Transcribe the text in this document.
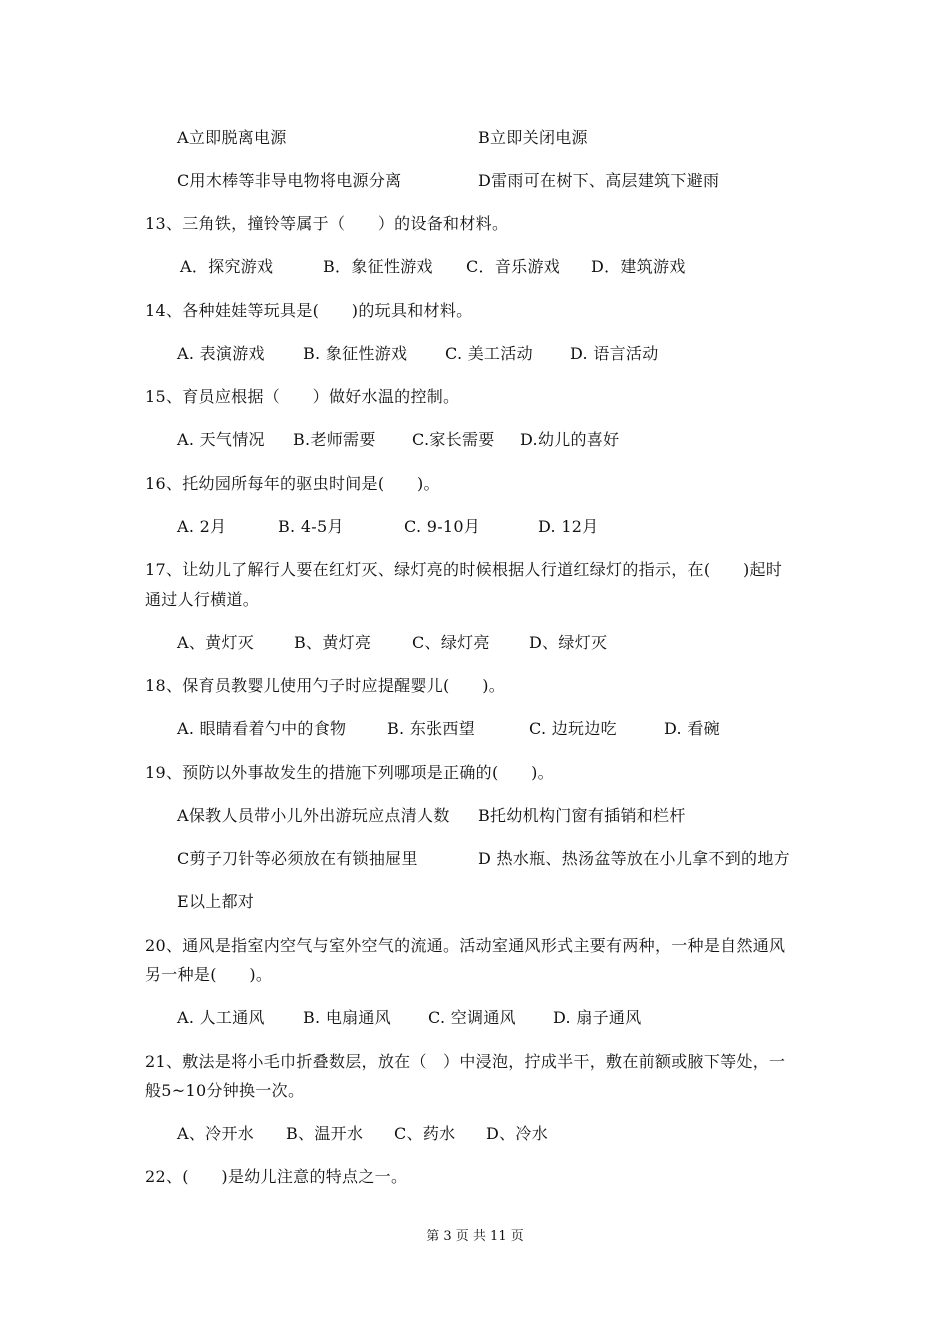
A立即脱离电源	B立即关闭电源
C用木棒等非导电物将电源分离	D雷雨可在树下、高层建筑下避雨
13、三角铁，撞铃等属于（　　）的设备和材料。
A．探究游戏	B．象征性游戏 C．音乐游戏 D．建筑游戏
14、各种娃娃等玩具是(　　)的玩具和材料。
A. 表演游戏 B. 象征性游戏 C. 美工活动 D. 语言活动
15、育员应根据（　　）做好水温的控制。
A. 天气情况 B.老师需要 C.家长需要 D.幼儿的喜好
16、托幼园所每年的驱虫时间是(　　)。
A. 2月	B. 4-5月	C. 9-10月	D. 12月
17、让幼儿了解行人要在红灯灭、绿灯亮的时候根据人行道红绿灯的指示，在(　　)起时
通过人行横道。
A、黄灯灭 B、黄灯亮	C、绿灯亮 D、绿灯灭
18、保育员教婴儿使用勺子时应提醒婴儿(　　)。
A. 眼睛看着勺中的食物	B. 东张西望	C. 边玩边吃	D. 看碗
19、预防以外事故发生的措施下列哪项是正确的(　　)。
A保教人员带小儿外出游玩应点清人数 B托幼机构门窗有插销和栏杆
C剪子刀针等必须放在有锁抽屉里	D 热水瓶、热汤盆等放在小儿拿不到的地方
E以上都对
20、通风是指室内空气与室外空气的流通。活动室通风形式主要有两种，一种是自然通风
另一种是(　　)。
A. 人工通风 B. 电扇通风 C. 空调通风 D. 扇子通风
21、敷法是将小毛巾折叠数层，放在（　）中浸泡，拧成半干，敷在前额或腋下等处，一
般5~10分钟换一次。
A、冷开水 B、温开水 C、药水 D、冷水
22、(　　)是幼儿注意的特点之一。
第 3 页 共 11 页
